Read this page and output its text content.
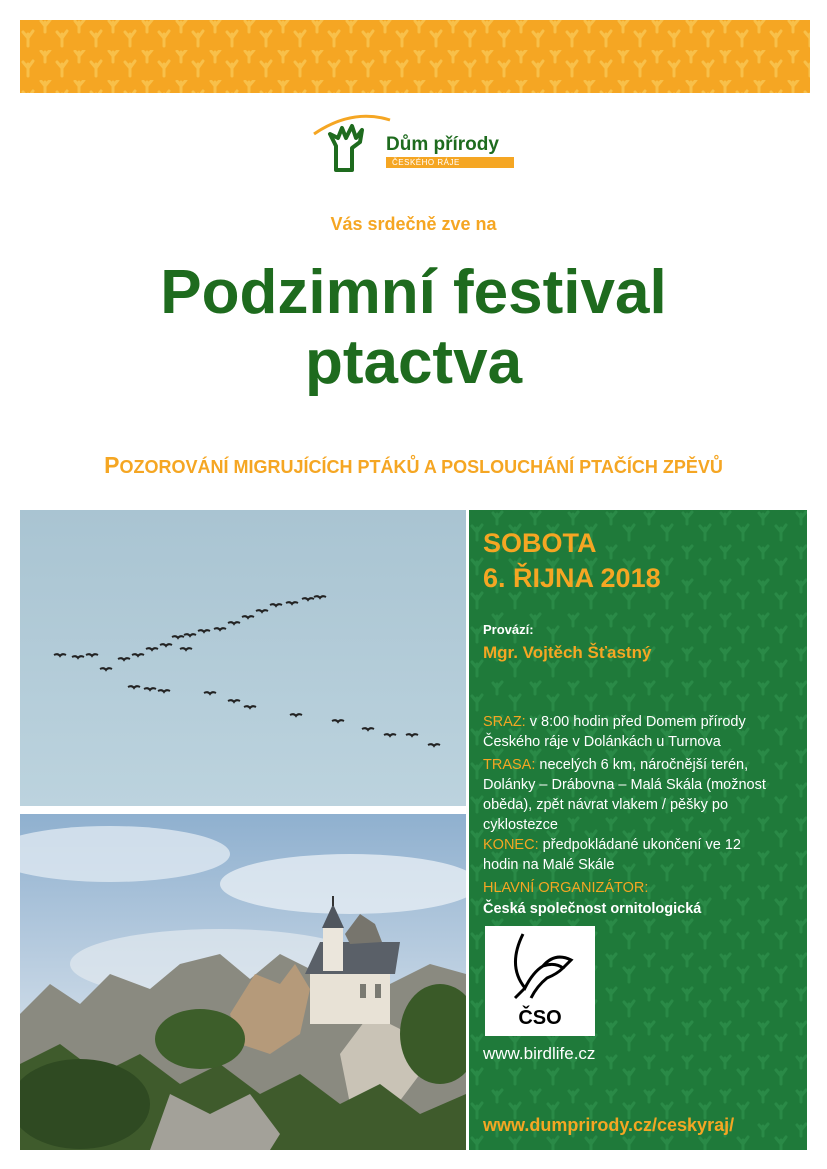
Dům přírody
ČESKÉHO RÁJE
Vás srdečně zve na
Podzimní festival
ptactva
POZOROVÁNÍ MIGRUJÍCÍCH PTÁKŮ A POSLOUCHÁNÍ PTAČÍCH ZPĚVŮ
SOBOTA
6. ŘIJNA 2018
Provází:
Mgr. Vojtěch Šťastný
SRAZ: v 8:00 hodin před Domem přírody Českého ráje v Dolánkách u Turnova
TRASA: necelých 6 km, náročnější terén, Dolánky – Drábovna – Malá Skála (možnost oběda), zpět návrat vlakem / pěšky po cyklostezce
KONEC: předpokládané ukončení ve 12 hodin na Malé Skále
HLAVNÍ ORGANIZÁTOR:
Česká společnost ornitologická
ČSO
www.birdlife.cz
www.dumprirody.cz/ceskyraj/
